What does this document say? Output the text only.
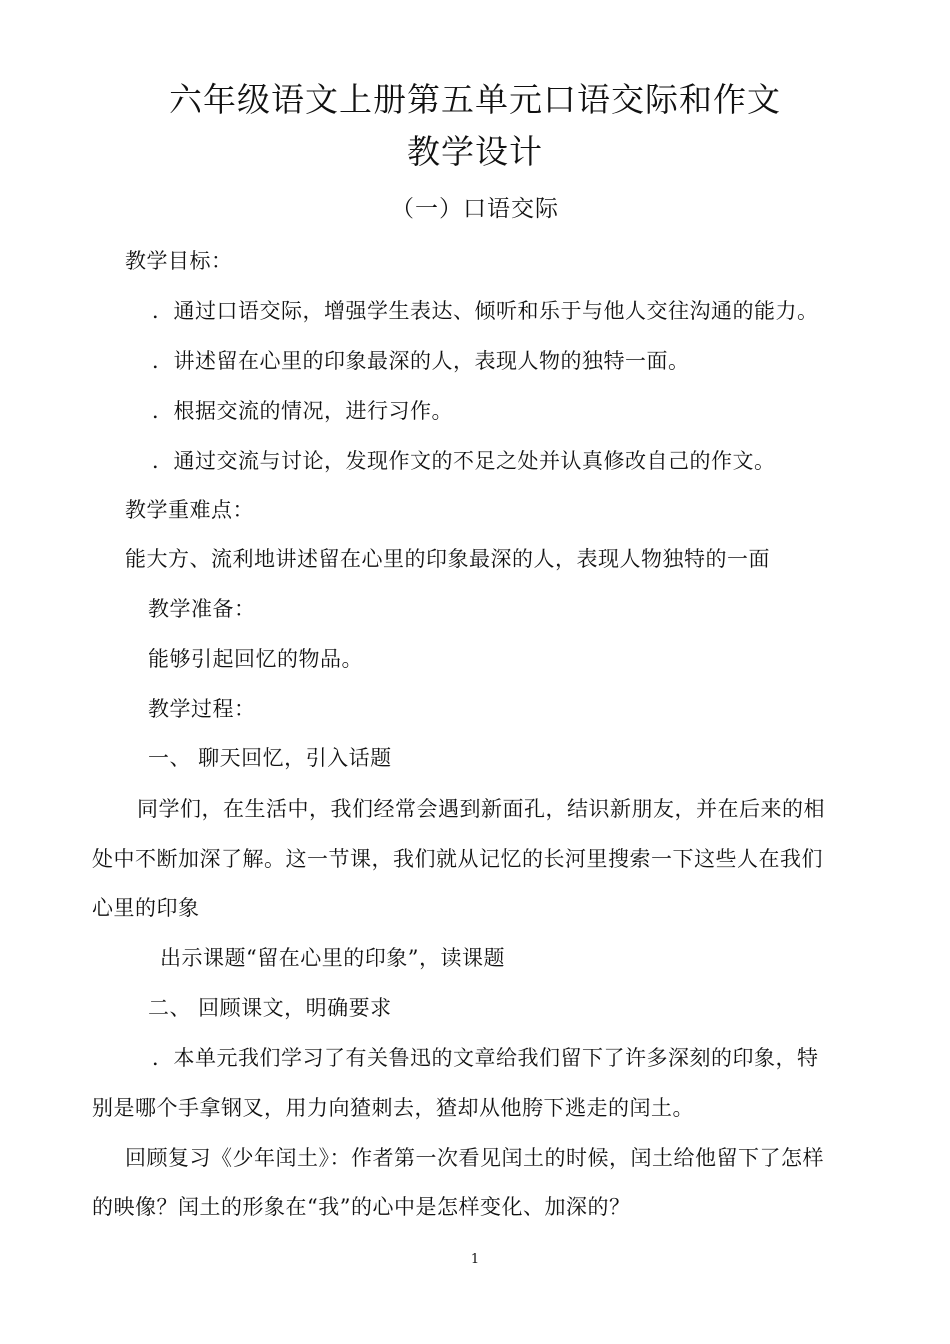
六年级语文上册第五单元口语交际和作文
教学设计
（一）口语交际
教学目标：
．通过口语交际，增强学生表达、倾听和乐于与他人交往沟通的能力。
．讲述留在心里的印象最深的人，表现人物的独特一面。
．根据交流的情况，进行习作。
．通过交流与讨论，发现作文的不足之处并认真修改自己的作文。
教学重难点：
能大方、流利地讲述留在心里的印象最深的人，表现人物独特的一面
教学准备：
能够引起回忆的物品。
教学过程：
一、 聊天回忆，引入话题
同学们，在生活中，我们经常会遇到新面孔，结识新朋友，并在后来的相
处中不断加深了解。这一节课，我们就从记忆的长河里搜索一下这些人在我们
心里的印象
出示课题“留在心里的印象”，读课题
二、 回顾课文，明确要求
．本单元我们学习了有关鲁迅的文章给我们留下了许多深刻的印象，特
别是哪个手拿钢叉，用力向猹刺去，猹却从他胯下逃走的闰土。
回顾复习《少年闰土》：作者第一次看见闰土的时候，闰土给他留下了怎样
的映像？闰土的形象在“我”的心中是怎样变化、加深的？
1
